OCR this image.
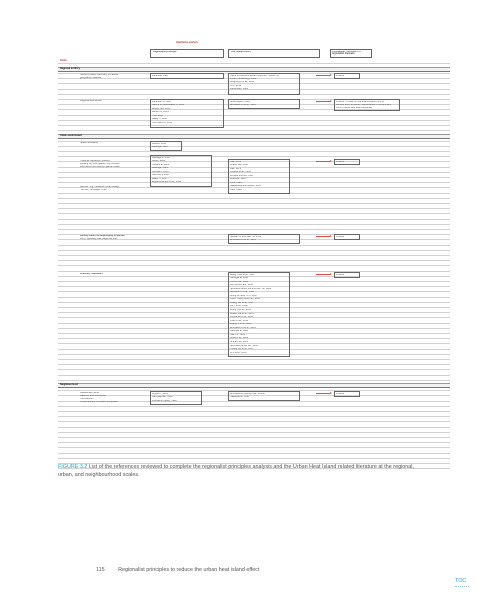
Qualitative analysis
Regionalist principle	UHI related effect	Conclusion: UHI effect of regionalist measure
Scale
Regional territory
Sense of place: Recovery of natural
geographic features
Lacunetti, 1985	Office for Environmental Protection, Section of
Urban Climatology, 2008
Bergmeyer et al., 2014
DTL, 2012
Ransmeier, 1986
Positive
Regional economies	Lacunetti M, 1985
Nature in Landscapes N, 2014
Wilson, Ed, 2014
Barsch G, 2014
Tzer, 2016
Bauer H, 2013
UN-HABITAT, 2019
Bloomington, 2012
Enhowed Ks et al., 2016
Positive: in case of crop diversification (mix of
species and rife-stock), maintenance of surface land
cover (forests and water surfaces)
Urban environment
Speed avoidance	Dobbin, 2011
Marlinge, 2016
Traverse highways crossing
Limiting city size (garden city concept;
Letchworth and Welwyn garden cities
Mantage D, 2016
Gross, 2002
Howard E, 1902
Marlinge, 2019
Kendall L, 2015
Nexmbury, 2006
Bauer H, 2014
Edgarcia Acteto et al., 2019
Oke, 1973
Kharel WA, 2011
Oke, 1973
Onteleo et al., 2009
Burstell and Wu, 1998
Fukuoka, 1983
Park, 1986
Sakakibara and Matsui, 2005
Park, 1986
Positive
Bannier "reg. metabolic urban design"
"No ties": El Wisker Town
Density ranks corresponding to garden
city (~ specially built, large low rise
Stewart Oi and Oke TR, 2012
Enhowed Ks et al., 2016
Positive
Greenery standards	Wang Yuan et al., 1987
Jaurégui E, 1990
Ohno et al., 1991
McPherson EG, 1994
Spronken-Smith RA and Oke TR, 1998
Upmanis H et al., 1998
Wong NH and Yu C, 2005
Chen Y and Wong NH, 2006
Chang CR et al., 2007
Lin Y et al., 2008
Wong N et al., 2010
Bowler DE et al., 2010
Feyisa GL et al., 2014
Chen et al., 2014
Zhang X et al., 2014
Enhowed Ks et al., 2016
Jauregui E, 1990
Oke TR, 1989
Avisk et al., 1996
Ahmed SA, 2003
Spronken-Smith RA, 1994
Chang CR et al., 2007
Li X et al., 2013
Positive
Neighbourhood
Residential blocks
Radburn and Sunnyside
Old Radburn
Contemporary innovation proposals
Wright H, 1935
Carl Stephen, 1933
Dzintarnis (opus), 1990
Enhowed Ks (opus) et al., 2016b
Taleweski D, 1999
Positive
FIGURE 3.2 List of the references reviewed to complete the regionalist principles analysis and the Urban Heat Island related literature at the regional, urban, and neighbourhood scales.
115	Regionalist principles to reduce the urban heat island effect
TOC
